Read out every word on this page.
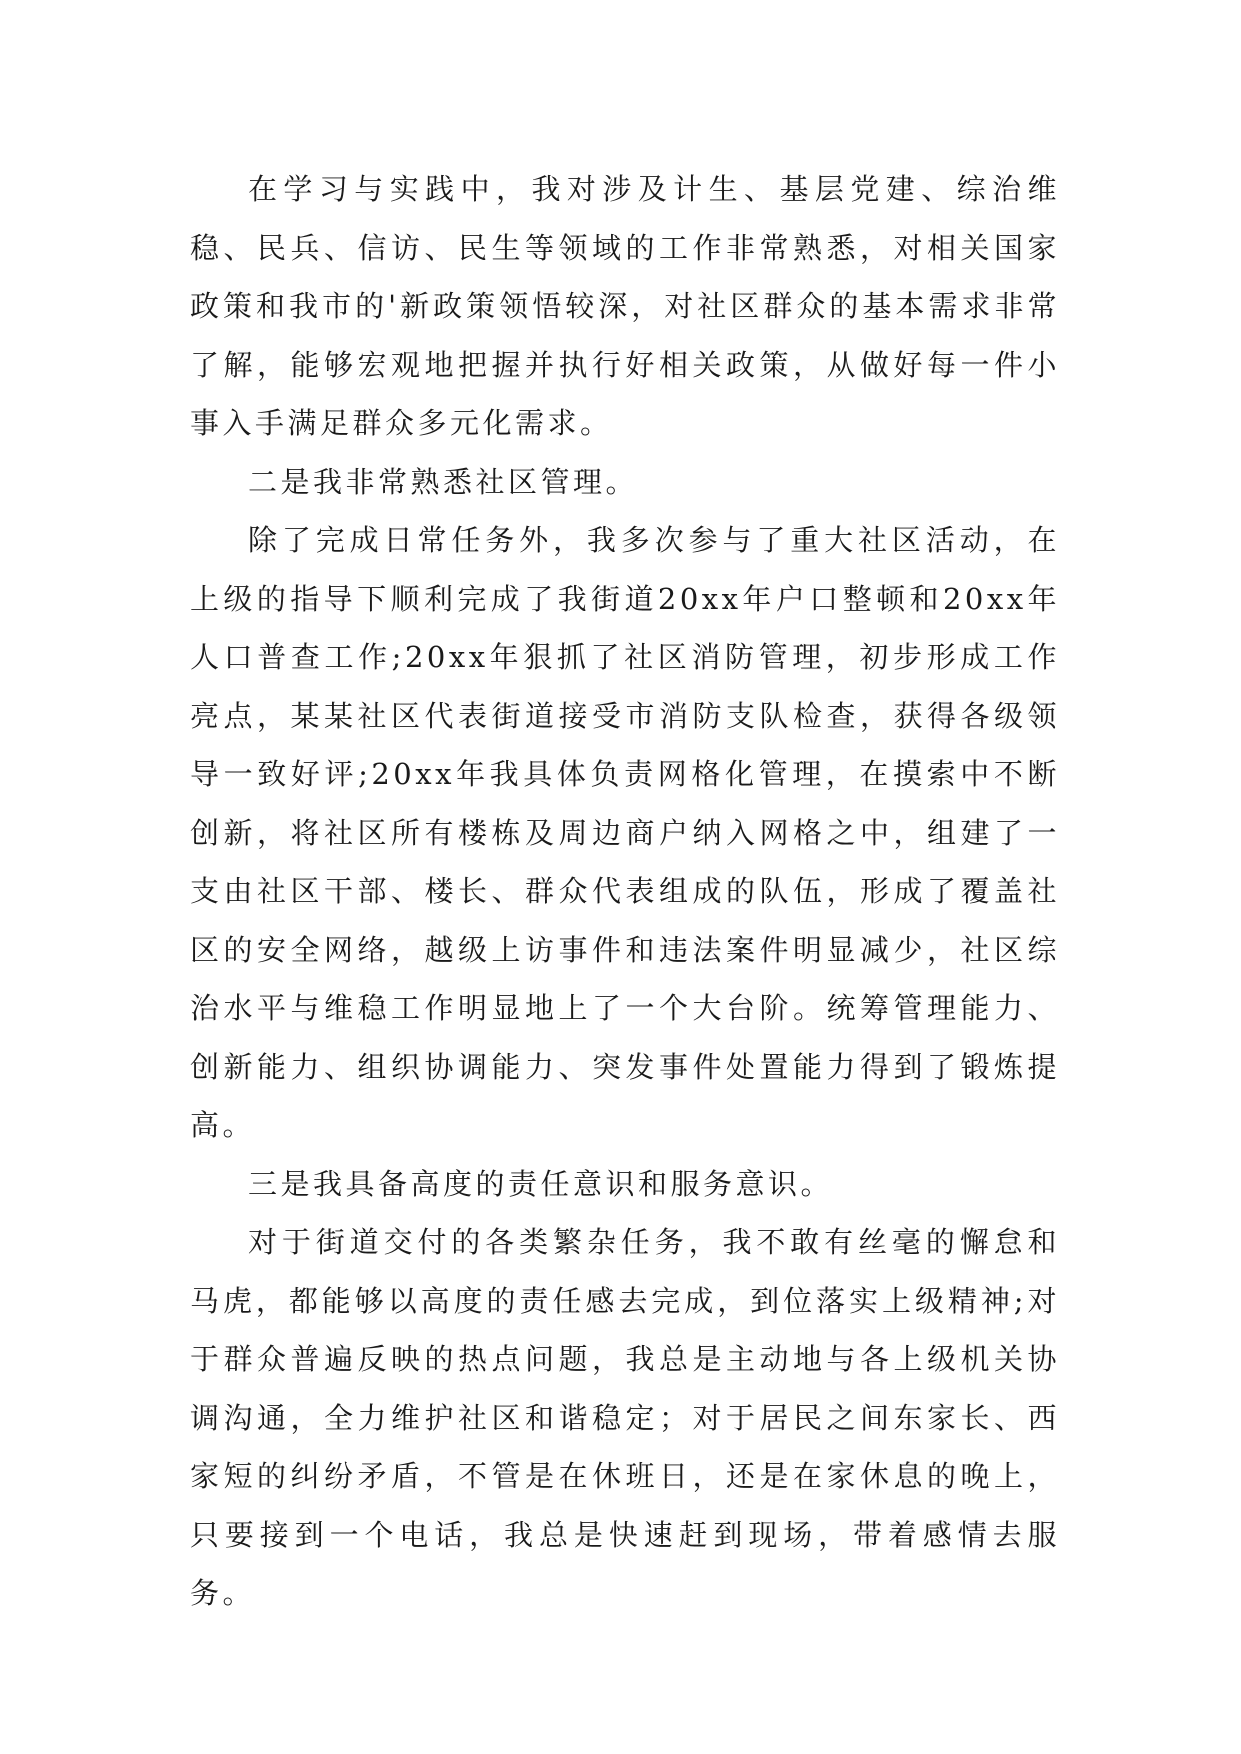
在学习与实践中，我对涉及计生、基层党建、综治维稳、民兵、信访、民生等领域的工作非常熟悉，对相关国家政策和我市的'新政策领悟较深，对社区群众的基本需求非常了解，能够宏观地把握并执行好相关政策，从做好每一件小事入手满足群众多元化需求。

二是我非常熟悉社区管理。

除了完成日常任务外，我多次参与了重大社区活动，在上级的指导下顺利完成了我街道20xx年户口整顿和20xx年人口普查工作;20xx年狠抓了社区消防管理，初步形成工作亮点，某某社区代表街道接受市消防支队检查，获得各级领导一致好评;20xx年我具体负责网格化管理，在摸索中不断创新，将社区所有楼栋及周边商户纳入网格之中，组建了一支由社区干部、楼长、群众代表组成的队伍，形成了覆盖社区的安全网络，越级上访事件和违法案件明显减少，社区综治水平与维稳工作明显地上了一个大台阶。统筹管理能力、创新能力、组织协调能力、突发事件处置能力得到了锻炼提高。

三是我具备高度的责任意识和服务意识。

对于街道交付的各类繁杂任务，我不敢有丝毫的懈怠和马虎，都能够以高度的责任感去完成，到位落实上级精神;对于群众普遍反映的热点问题，我总是主动地与各上级机关协调沟通，全力维护社区和谐稳定；对于居民之间东家长、西家短的纠纷矛盾，不管是在休班日，还是在家休息的晚上，只要接到一个电话，我总是快速赶到现场，带着感情去服务。
